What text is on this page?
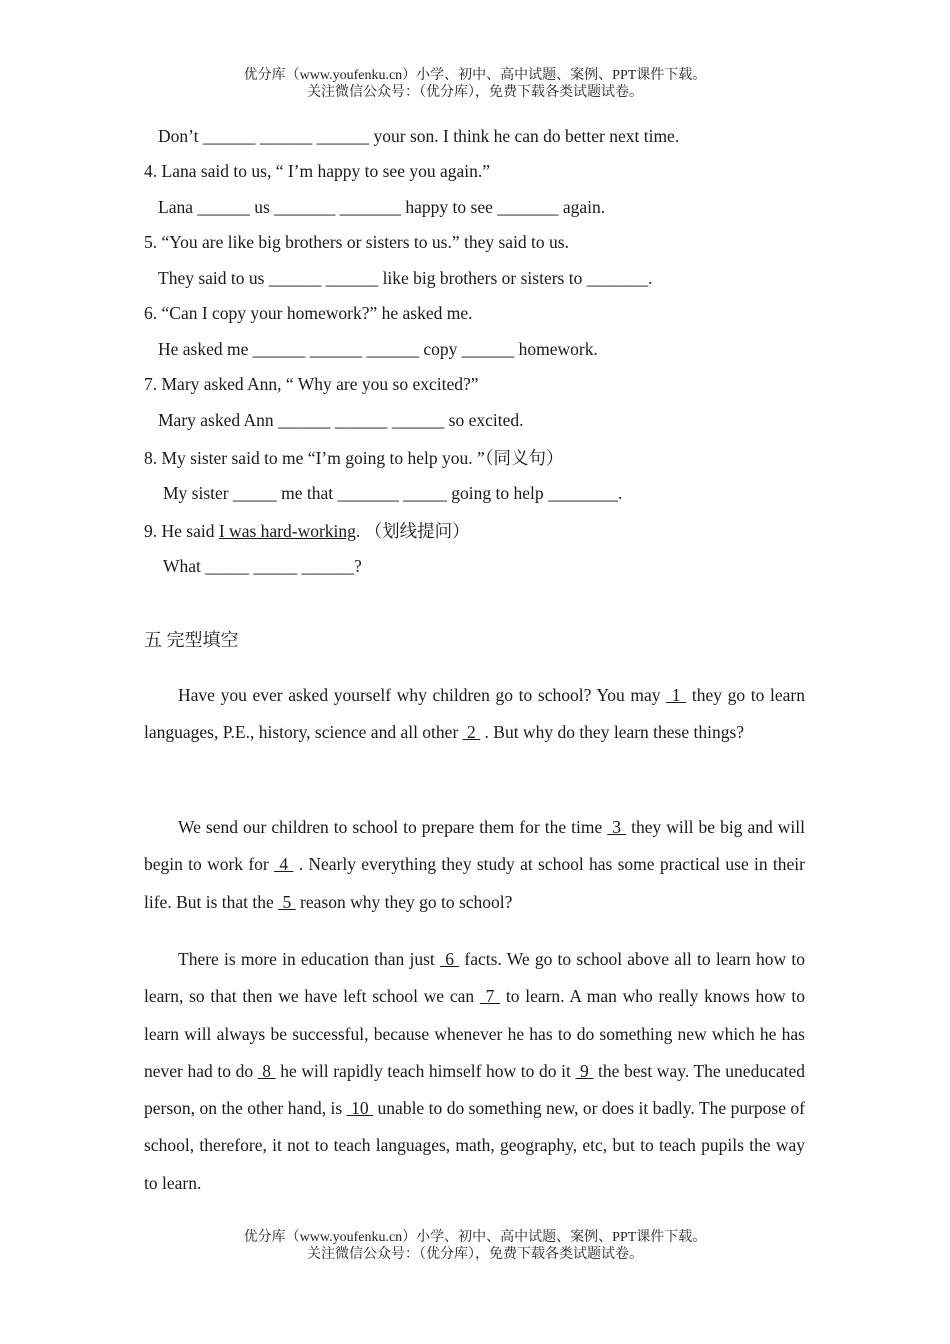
优分库（www.youfenku.cn）小学、初中、高中试题、案例、PPT课件下载。
关注微信公众号：（优分库），免费下载各类试题试卷。
Don’t ______ ______ ______ your son. I think he can do better next time.
4. Lana said to us, “ I’m happy to see you again.”
Lana ______ us _______ _______ happy to see _______ again.
5. “You are like big brothers or sisters to us.” they said to us.
They said to us ______ ______ like big brothers or sisters to _______.
6. “Can I copy your homework?” he asked me.
He asked me ______ ______ ______ copy ______ homework.
7. Mary asked Ann, “ Why are you so excited?”
Mary asked Ann ______ ______ ______ so excited.
8. My sister said to me “I’m going to help you. ”（同义句）
My sister _____ me that _______ _____ going to help ________.
9. He said I was hard-working. （划线提问）
What _____ _____ ______?
五 完型填空
Have you ever asked yourself why children go to school? You may  1  they go to learn languages, P.E., history, science and all other  2  . But why do they learn these things?
We send our children to school to prepare them for the time  3  they will be big and will begin to work for  4  . Nearly everything they study at school has some practical use in their life. But is that the  5  reason why they go to school?
There is more in education than just  6  facts. We go to school above all to learn how to learn, so that then we have left school we can  7  to learn. A man who really knows how to learn will always be successful, because whenever he has to do something new which he has never had to do  8  he will rapidly teach himself how to do it  9  the best way. The uneducated person, on the other hand, is  10  unable to do something new, or does it badly. The purpose of school, therefore, it not to teach languages, math, geography, etc, but to teach pupils the way to learn.
优分库（www.youfenku.cn）小学、初中、高中试题、案例、PPT课件下载。
关注微信公众号：（优分库），免费下载各类试题试卷。
